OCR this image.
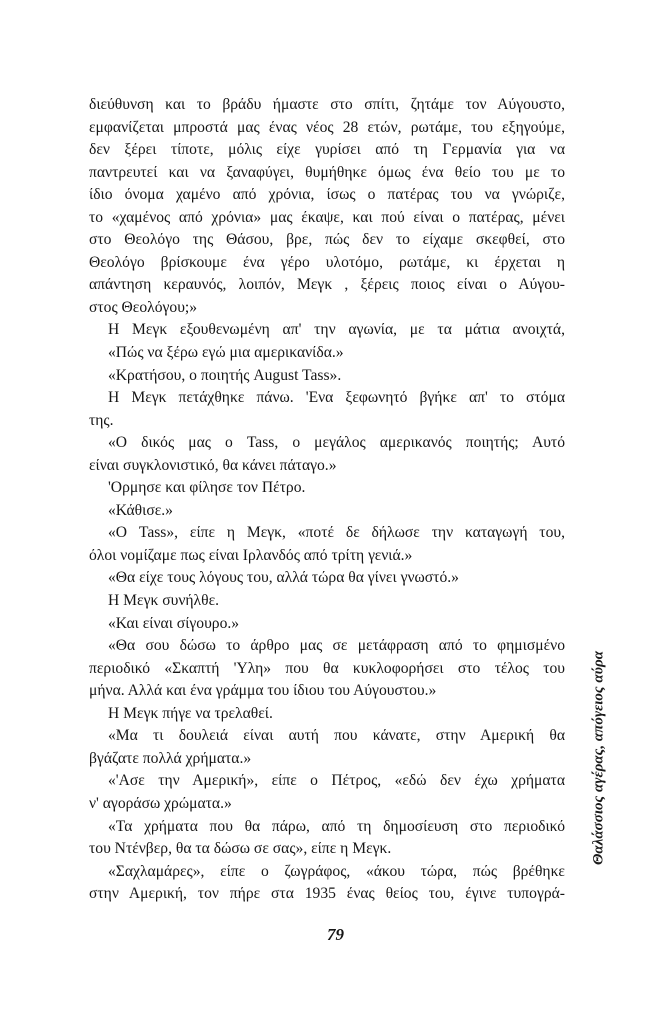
διεύθυνση και το βράδυ ήμαστε στο σπίτι, ζητάμε τον Αύγουστο,
εμφανίζεται μπροστά μας ένας νέος 28 ετών, ρωτάμε, του εξηγούμε,
δεν ξέρει τίποτε, μόλις είχε γυρίσει από τη Γερμανία για να
παντρευτεί και να ξαναφύγει, θυμήθηκε όμως ένα θείο του με το
ίδιο όνομα χαμένο από χρόνια, ίσως ο πατέρας του να γνώριζε,
το «χαμένος από χρόνια» μας έκαψε, και πού είναι ο πατέρας, μένει
στο Θεολόγο της Θάσου, βρε, πώς δεν το είχαμε σκεφθεί, στο
Θεολόγο βρίσκουμε ένα γέρο υλοτόμο, ρωτάμε, κι έρχεται η
απάντηση κεραυνός, λοιπόν, Μεγκ , ξέρεις ποιος είναι ο Αύγου-
στος Θεολόγου;»
Η Μεγκ εξουθενωμένη απ' την αγωνία, με τα μάτια ανοιχτά,
«Πώς να ξέρω εγώ μια αμερικανίδα.»
«Κρατήσου, ο ποιητής August Tass».
Η Μεγκ πετάχθηκε πάνω. 'Ενα ξεφωνητό βγήκε απ' το στόμα
της.
«Ο δικός μας ο Tass, ο μεγάλος αμερικανός ποιητής; Αυτό
είναι συγκλονιστικό, θα κάνει πάταγο.»
'Ορμησε και φίλησε τον Πέτρο.
«Κάθισε.»
«Ο Tass», είπε η Μεγκ, «ποτέ δε δήλωσε την καταγωγή του,
όλοι νομίζαμε πως είναι Ιρλανδός από τρίτη γενιά.»
«Θα είχε τους λόγους του, αλλά τώρα θα γίνει γνωστό.»
Η Μεγκ συνήλθε.
«Και είναι σίγουρο.»
«Θα σου δώσω το άρθρο μας σε μετάφραση από το φημισμένο
περιοδικό «Σκαπτή 'Υλη» που θα κυκλοφορήσει στο τέλος του
μήνα. Αλλά και ένα γράμμα του ίδιου του Αύγουστου.»
Η Μεγκ πήγε να τρελαθεί.
«Μα τι δουλειά είναι αυτή που κάνατε, στην Αμερική θα
βγάζατε πολλά χρήματα.»
«'Ασε την Αμερική», είπε ο Πέτρος, «εδώ δεν έχω χρήματα
ν' αγοράσω χρώματα.»
«Τα χρήματα που θα πάρω, από τη δημοσίευση στο περιοδικό
του Ντένβερ, θα τα δώσω σε σας», είπε η Μεγκ.
«Σαχλαμάρες», είπε ο ζωγράφος, «άκου τώρα, πώς βρέθηκε
στην Αμερική, τον πήρε στα 1935 ένας θείος του, έγινε τυπογρά-
79
Θαλάσσιος αγέρας, απόγειος αύρα
